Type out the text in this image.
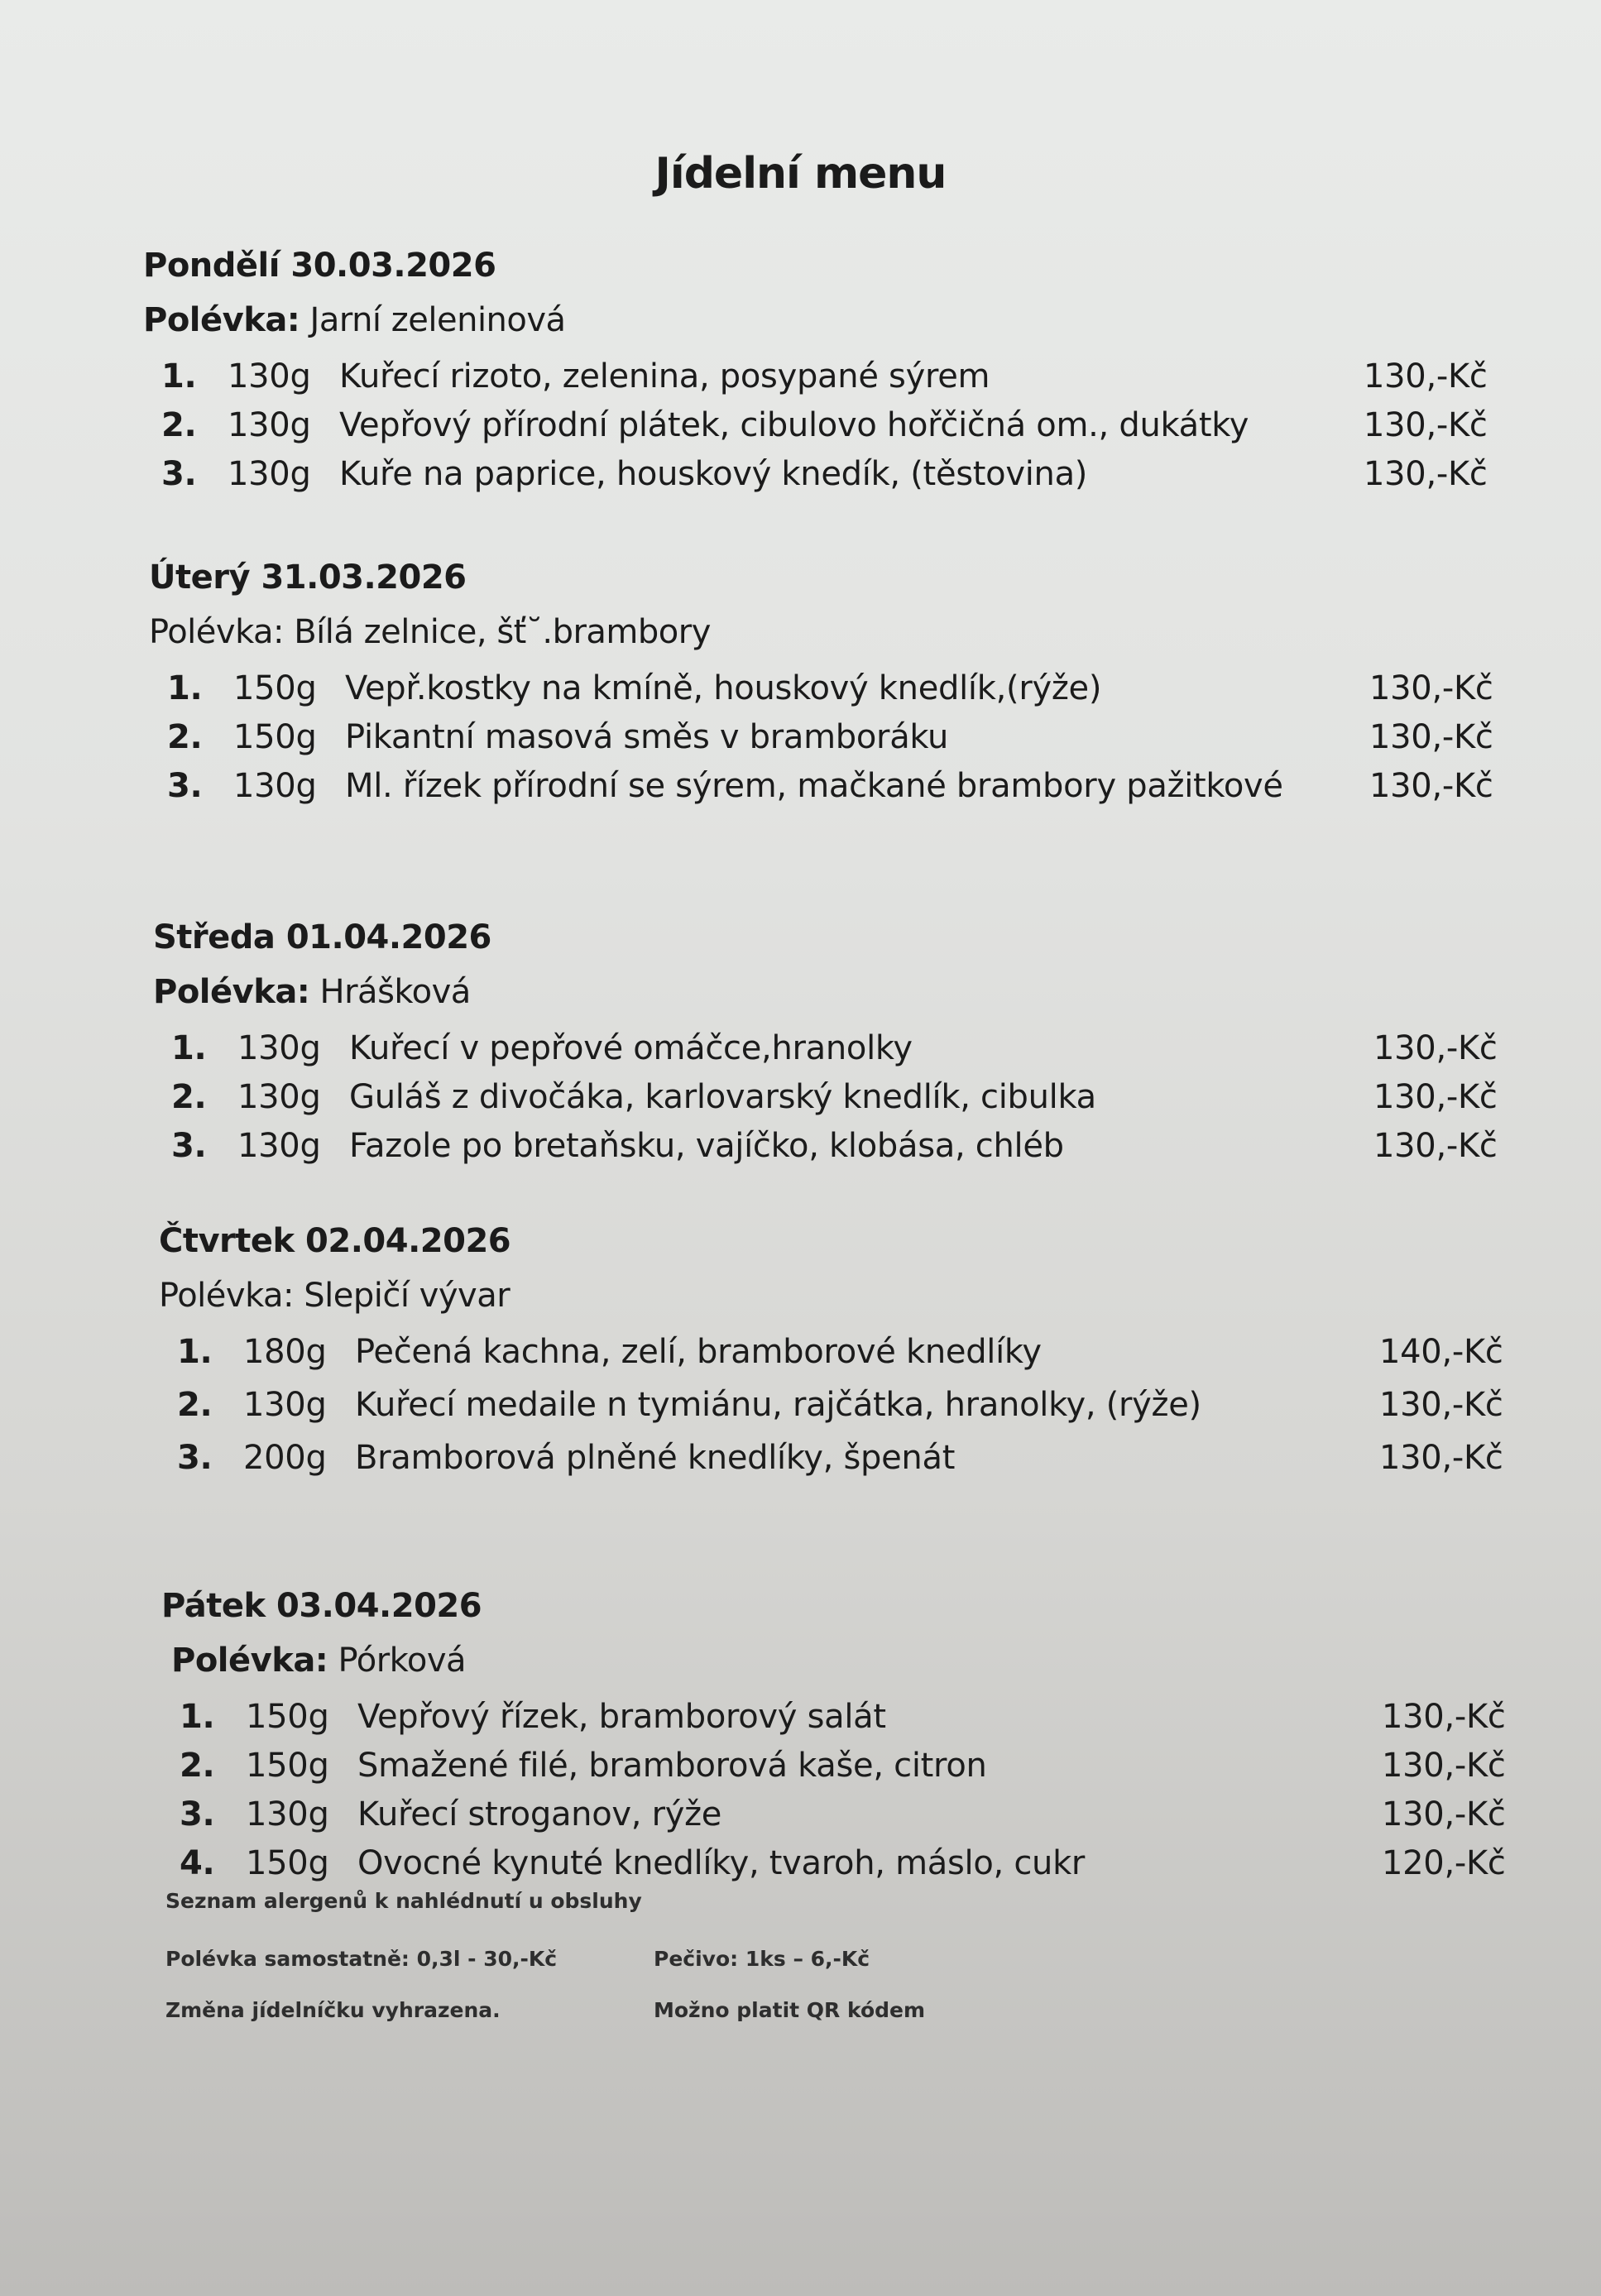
Jídelní menu
Pondělí 30.03.2026
Polévka: Jarní zeleninová
1. 130g Kuřecí rizoto, zelenina, posypané sýrem	130,-Kč
2. 130g Vepřový přírodní plátek, cibulovo hořčičná om., dukátky	130,-Kč
3. 130g Kuře na paprice, houskový knedík, (těstovina)	130,-Kč
Úterý 31.03.2026
Polévka: Bílá zelnice, šť˘.brambory
1. 150g Vepř.kostky na kmíně, houskový knedlík,(rýže)	130,-Kč
2. 150g Pikantní masová směs v bramboráku	130,-Kč
3. 130g Ml. řízek přírodní se sýrem, mačkané brambory pažitkové	130,-Kč
Středa 01.04.2026
Polévka: Hrášková
1. 130g Kuřecí v pepřové omáčce,hranolky	130,-Kč
2. 130g Guláš z divočáka, karlovarský knedlík, cibulka	130,-Kč
3. 130g Fazole po bretaňsku, vajíčko, klobása, chléb	130,-Kč
Čtvrtek 02.04.2026
Polévka: Slepičí vývar
1. 180g Pečená kachna, zelí, bramborové knedlíky	140,-Kč
2. 130g Kuřecí medaile n tymiánu, rajčátka, hranolky, (rýže)	130,-Kč
3. 200g Bramborová plněné knedlíky, špenát	130,-Kč
Pátek 03.04.2026
Polévka: Pórková
1. 150g Vepřový řízek, bramborový salát	130,-Kč
2. 150g Smažené filé, bramborová kaše, citron	130,-Kč
3. 130g Kuřecí stroganov, rýže	130,-Kč
4. 150g Ovocné kynuté knedlíky, tvaroh, máslo, cukr	120,-Kč
Seznam alergenů k nahlédnutí u obsluhy
Polévka samostatně: 0,3l - 30,-Kč	Pečivo: 1ks – 6,-Kč
Změna jídelníčku vyhrazena.	Možno platit QR kódem
